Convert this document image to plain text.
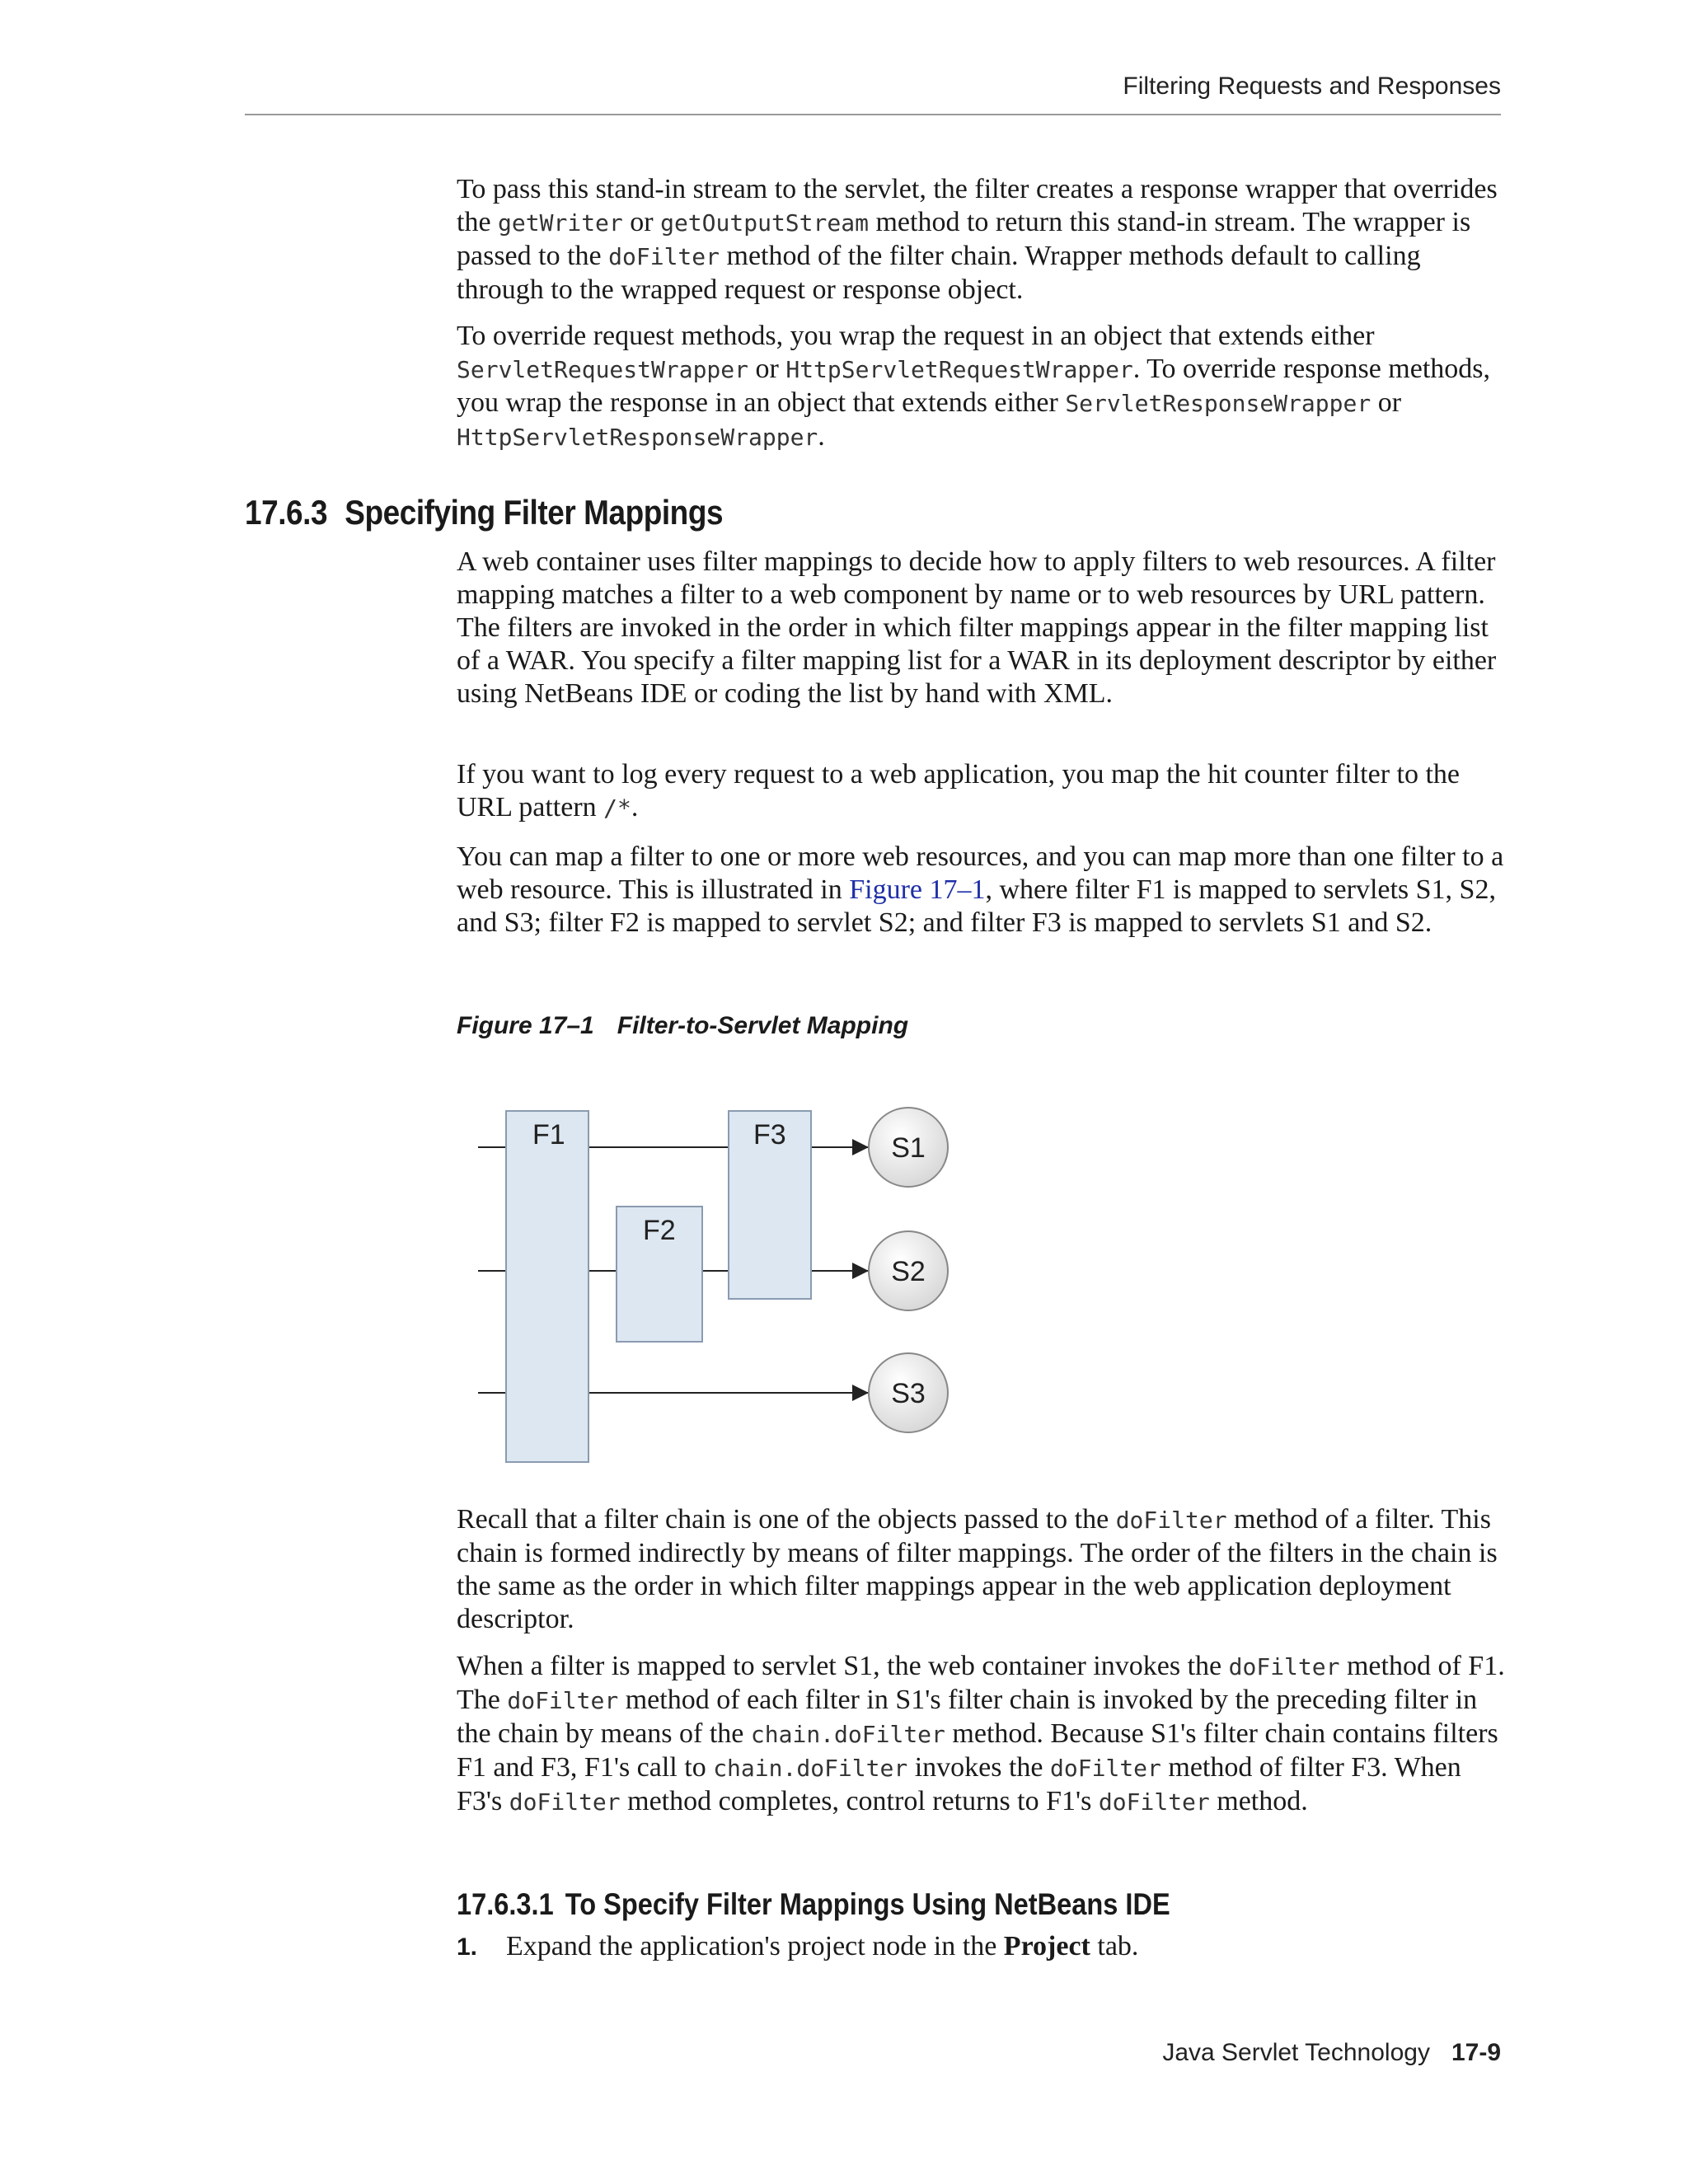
Filtering Requests and Responses

To pass this stand-in stream to the servlet, the filter creates a response wrapper that overrides the getWriter or getOutputStream method to return this stand-in stream. The wrapper is passed to the doFilter method of the filter chain. Wrapper methods default to calling through to the wrapped request or response object.

To override request methods, you wrap the request in an object that extends either ServletRequestWrapper or HttpServletRequestWrapper. To override response methods, you wrap the response in an object that extends either ServletResponseWrapper or HttpServletResponseWrapper.

17.6.3 Specifying Filter Mappings

A web container uses filter mappings to decide how to apply filters to web resources. A filter mapping matches a filter to a web component by name or to web resources by URL pattern. The filters are invoked in the order in which filter mappings appear in the filter mapping list of a WAR. You specify a filter mapping list for a WAR in its deployment descriptor by either using NetBeans IDE or coding the list by hand with XML.

If you want to log every request to a web application, you map the hit counter filter to the URL pattern /*.

You can map a filter to one or more web resources, and you can map more than one filter to a web resource. This is illustrated in Figure 17–1, where filter F1 is mapped to servlets S1, S2, and S3; filter F2 is mapped to servlet S2; and filter F3 is mapped to servlets S1 and S2.

Figure 17–1 Filter-to-Servlet Mapping
F1
F2
F3	S1
S2
S3

Recall that a filter chain is one of the objects passed to the doFilter method of a filter. This chain is formed indirectly by means of filter mappings. The order of the filters in the chain is the same as the order in which filter mappings appear in the web application deployment descriptor.

When a filter is mapped to servlet S1, the web container invokes the doFilter method of F1. The doFilter method of each filter in S1's filter chain is invoked by the preceding filter in the chain by means of the chain.doFilter method. Because S1's filter chain contains filters F1 and F3, F1's call to chain.doFilter invokes the doFilter method of filter F3. When F3's doFilter method completes, control returns to F1's doFilter method.

17.6.3.1 To Specify Filter Mappings Using NetBeans IDE
1. Expand the application's project node in the Project tab.
Java Servlet Technology 17-9
